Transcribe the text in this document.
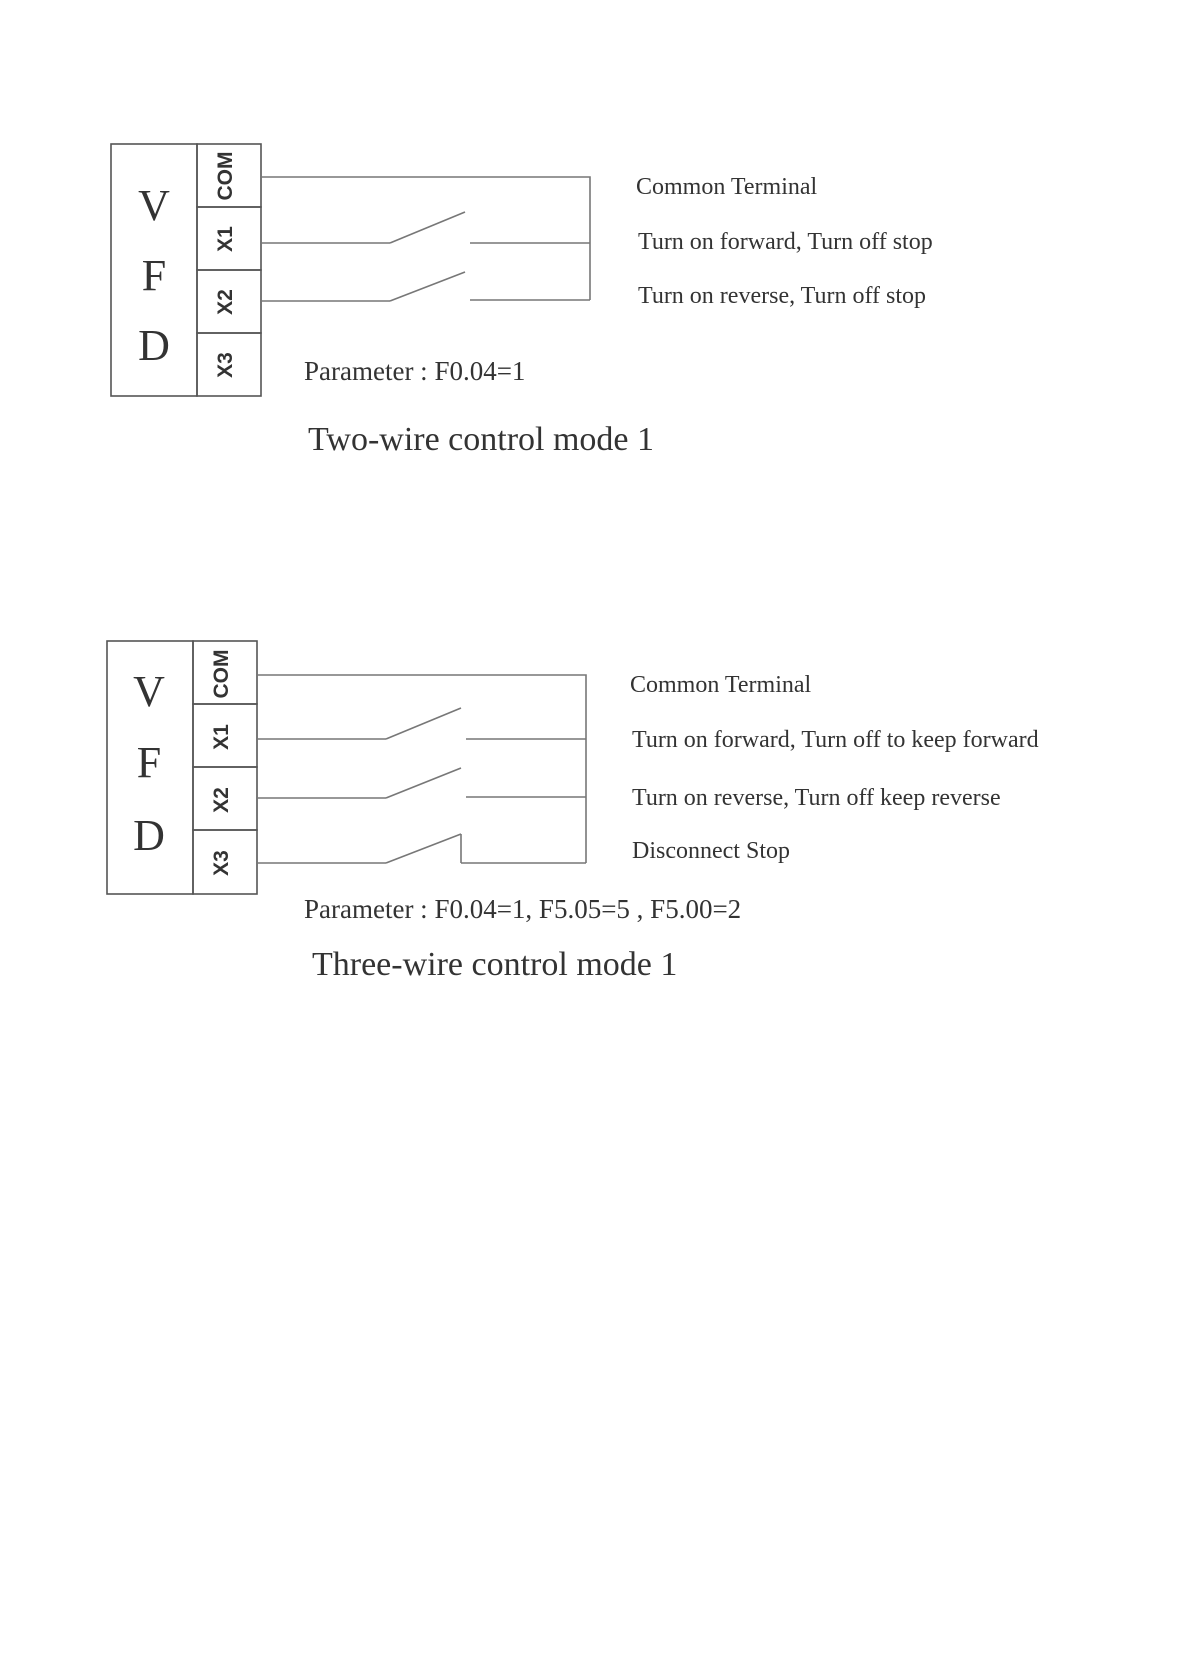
V
F
D
COM
X1
X2
X3
Common Terminal
Turn on forward, Turn off stop
Turn on reverse, Turn off stop
Parameter : F0.04=1
Two-wire control mode 1
V
F
D
COM
X1
X2
X3
Common Terminal
Turn on forward, Turn off to keep forward
Turn on reverse, Turn off keep reverse
Disconnect Stop
Parameter : F0.04=1, F5.05=5 , F5.00=2
Three-wire control mode 1
